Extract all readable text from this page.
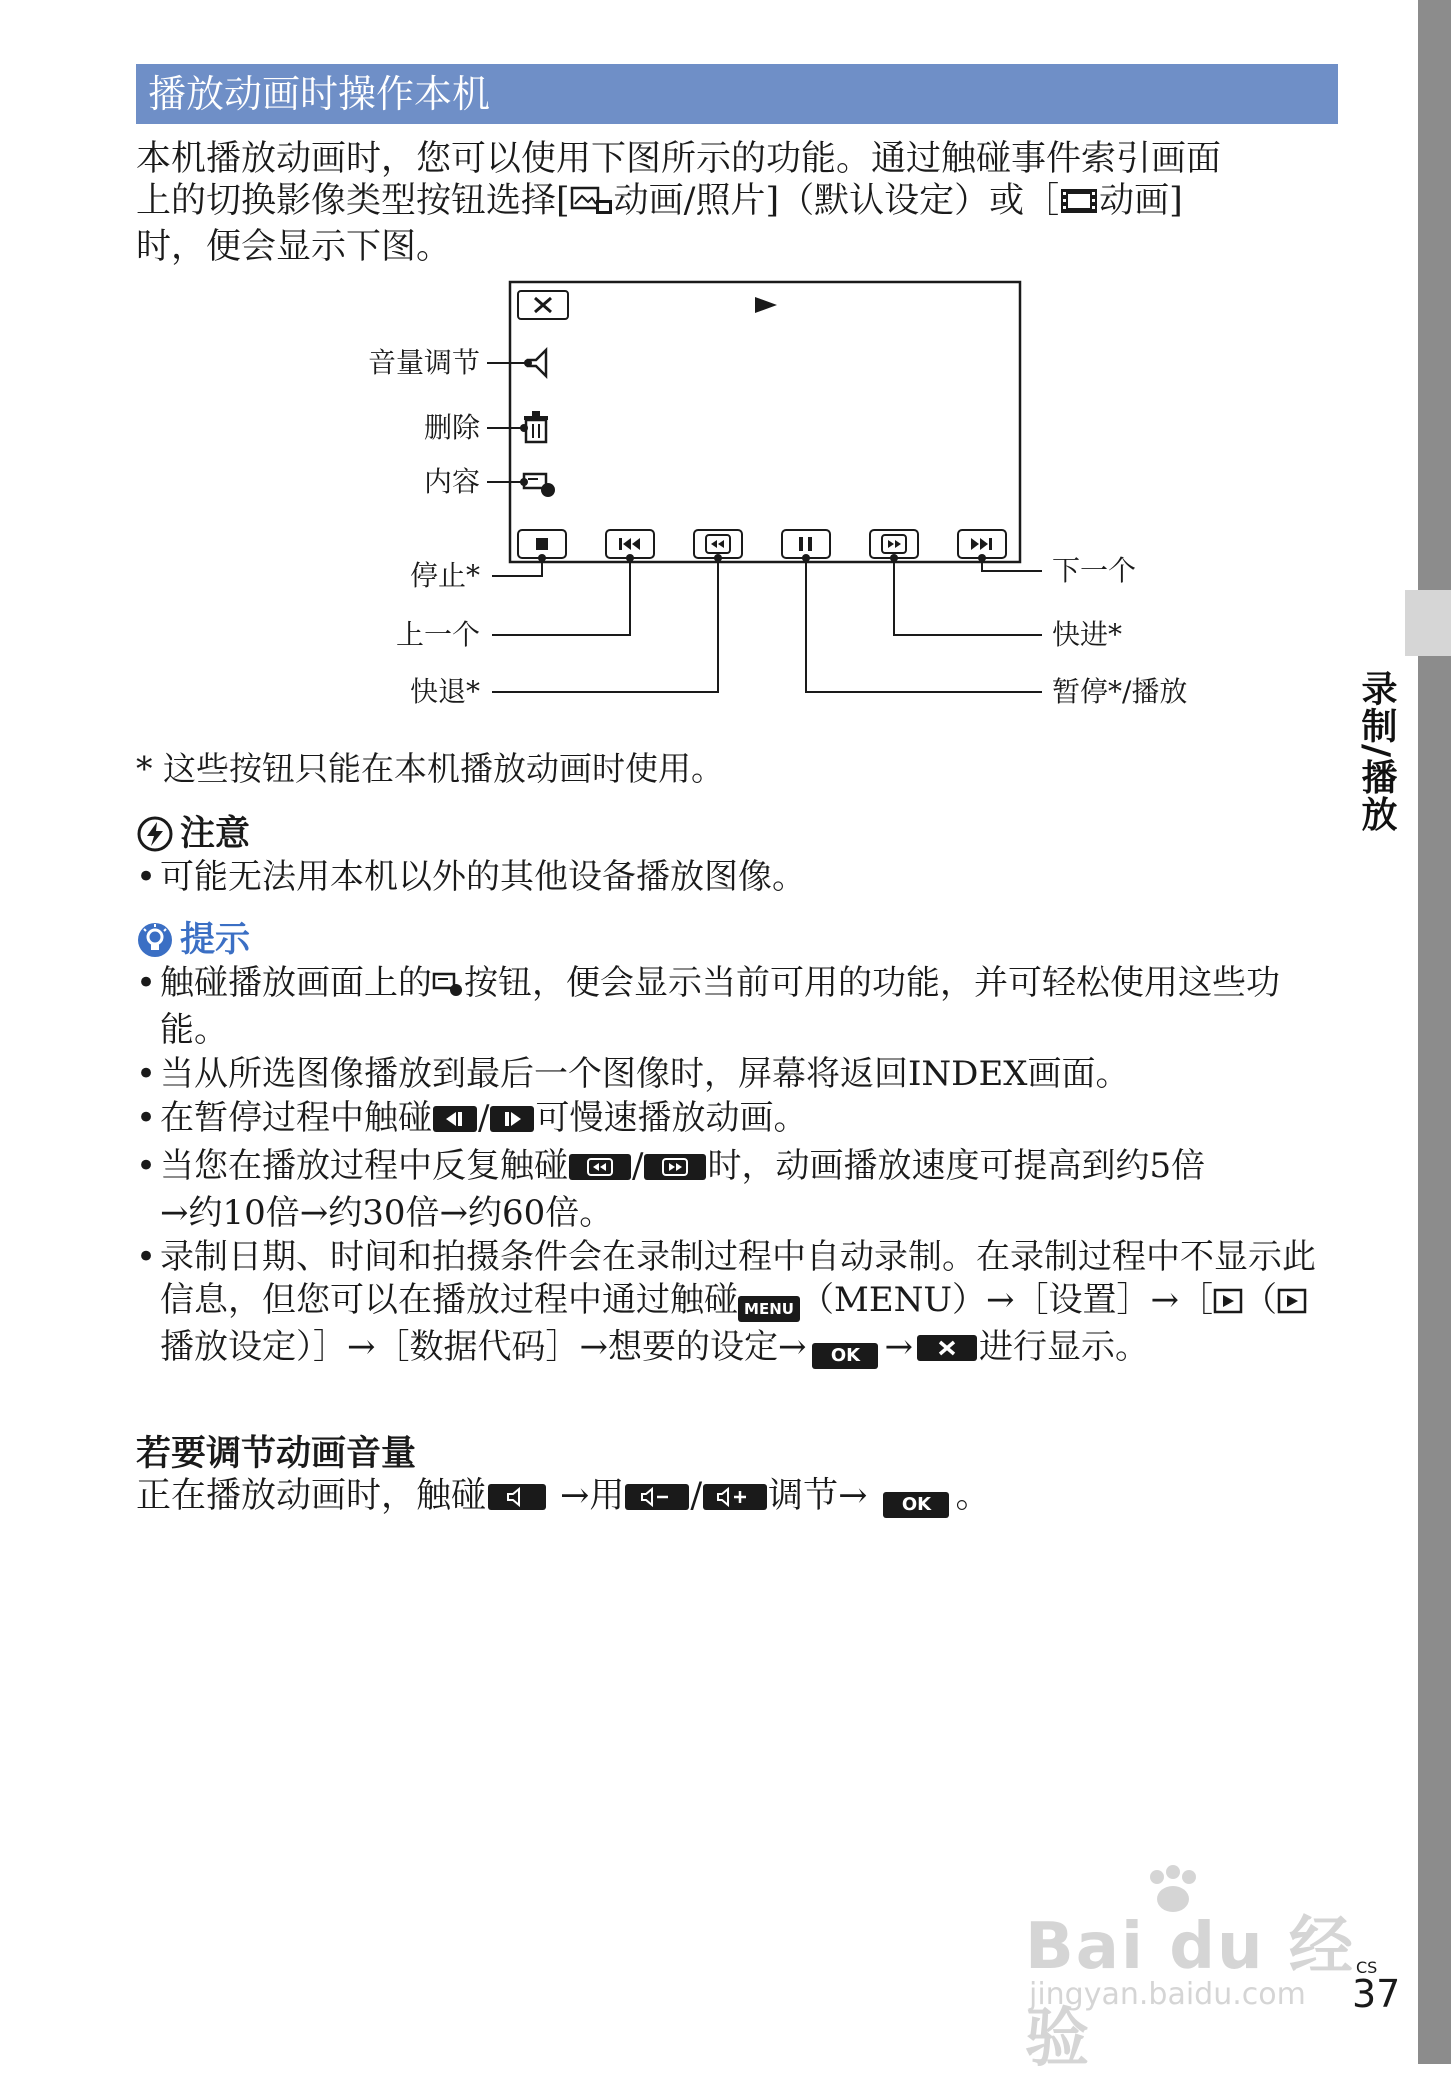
录制/播放
播放动画时操作本机
本机播放动画时，您可以使用下图所示的功能。通过触碰事件索引画面
上的切换影像类型按钮选择[ 动画/照片]（默认设定）或［ 动画]
时，便会显示下图。
音量调节
删除
内容
停止*
上一个
快退*
下一个
快进*
暂停*/播放
* 这些按钮只能在本机播放动画时使用。
注意
• 可能无法用本机以外的其他设备播放图像。
提示
• 触碰播放画面上的 按钮，便会显示当前可用的功能，并可轻松使用这些功能。
• 当从所选图像播放到最后一个图像时，屏幕将返回INDEX画面。
• 在暂停过程中触碰 / 可慢速播放动画。
• 当您在播放过程中反复触碰 / 时，动画播放速度可提高到约5倍
→约10倍→约30倍→约60倍。
• 录制日期、时间和拍摄条件会在录制过程中自动录制。在录制过程中不显示此信息，但您可以在播放过程中通过触碰 MENU （MENU）→［设置］→［ （播放设定）］→［数据代码］→想要的设定→ OK → 进行显示。
若要调节动画音量
正在播放动画时，触碰 →用 / 调节→ OK 。
Bai du 经验
jingyan.baidu.com
CS
37
